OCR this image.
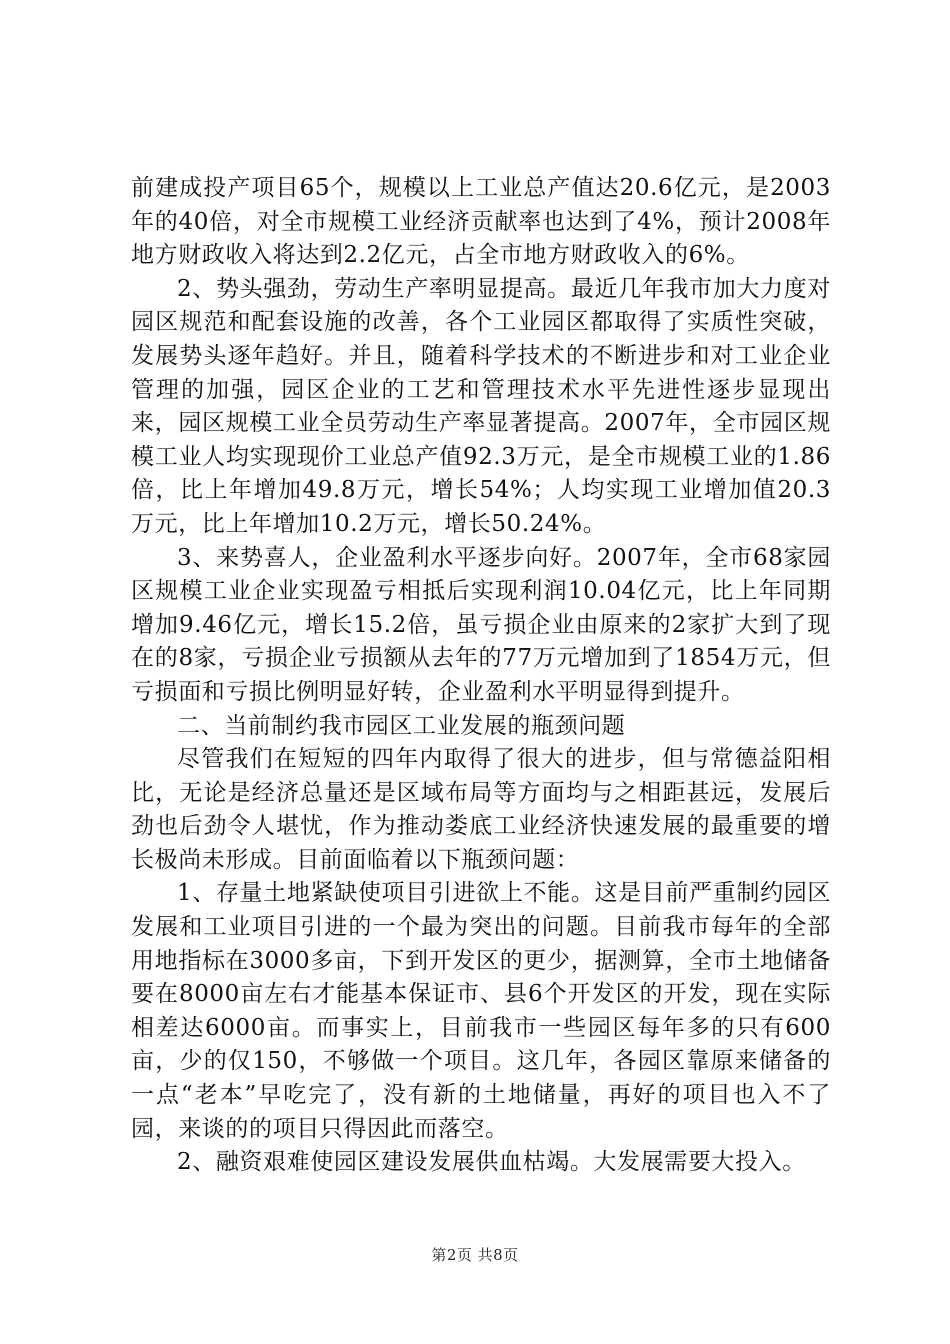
前建成投产项目65个，规模以上工业总产值达20.6亿元，是2003年的40倍，对全市规模工业经济贡献率也达到了4%，预计2008年地方财政收入将达到2.2亿元，占全市地方财政收入的6%。

2、势头强劲，劳动生产率明显提高。最近几年我市加大力度对园区规范和配套设施的改善，各个工业园区都取得了实质性突破，发展势头逐年趋好。并且，随着科学技术的不断进步和对工业企业管理的加强，园区企业的工艺和管理技术水平先进性逐步显现出来，园区规模工业全员劳动生产率显著提高。2007年，全市园区规模工业人均实现现价工业总产值92.3万元，是全市规模工业的1.86倍，比上年增加49.8万元，增长54%；人均实现工业增加值20.3万元，比上年增加10.2万元，增长50.24%。

3、来势喜人，企业盈利水平逐步向好。2007年，全市68家园区规模工业企业实现盈亏相抵后实现利润10.04亿元，比上年同期增加9.46亿元，增长15.2倍，虽亏损企业由原来的2家扩大到了现在的8家，亏损企业亏损额从去年的77万元增加到了1854万元，但亏损面和亏损比例明显好转，企业盈利水平明显得到提升。

二、当前制约我市园区工业发展的瓶颈问题

尽管我们在短短的四年内取得了很大的进步，但与常德益阳相比，无论是经济总量还是区域布局等方面均与之相距甚远，发展后劲也后劲令人堪忧，作为推动娄底工业经济快速发展的最重要的增长极尚未形成。目前面临着以下瓶颈问题：

1、存量土地紧缺使项目引进欲上不能。这是目前严重制约园区发展和工业项目引进的一个最为突出的问题。目前我市每年的全部用地指标在3000多亩，下到开发区的更少，据测算，全市土地储备要在8000亩左右才能基本保证市、县6个开发区的开发，现在实际相差达6000亩。而事实上，目前我市一些园区每年多的只有600亩，少的仅150，不够做一个项目。这几年，各园区靠原来储备的一点“老本”早吃完了，没有新的土地储量，再好的项目也入不了园，来谈的的项目只得因此而落空。

2、融资艰难使园区建设发展供血枯竭。大发展需要大投入。

第2页 共8页
